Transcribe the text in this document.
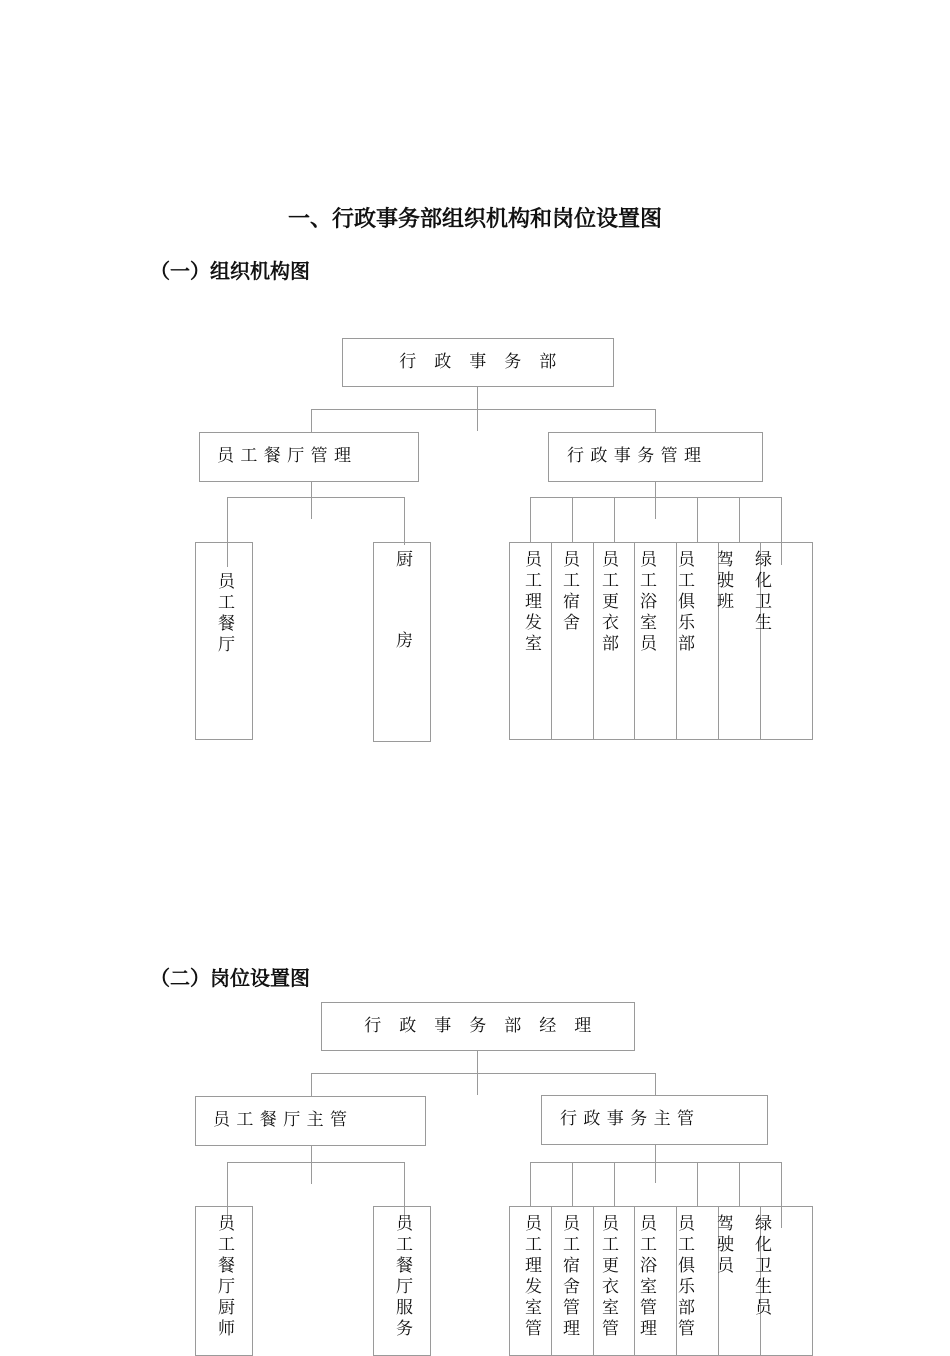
一、行政事务部组织机构和岗位设置图
（一）组织机构图
行　政　事　务　部
员 工 餐 厅 管 理	行 政 事 务 管 理
员工餐厅	厨　　房	员工理发室 员工宿舍 员工更衣部 员工浴室员 员工俱乐部 驾驶班 绿化卫生
（二）岗位设置图
行　政　事　务　部　经　理
员 工 餐 厅 主 管	行 政 事 务 主 管
员工餐厅厨师	员工餐厅服务	员工理发室管 员工宿舍管理 员工更衣室管 员工浴室管理 员工俱乐部管 驾驶员 绿化卫生员
